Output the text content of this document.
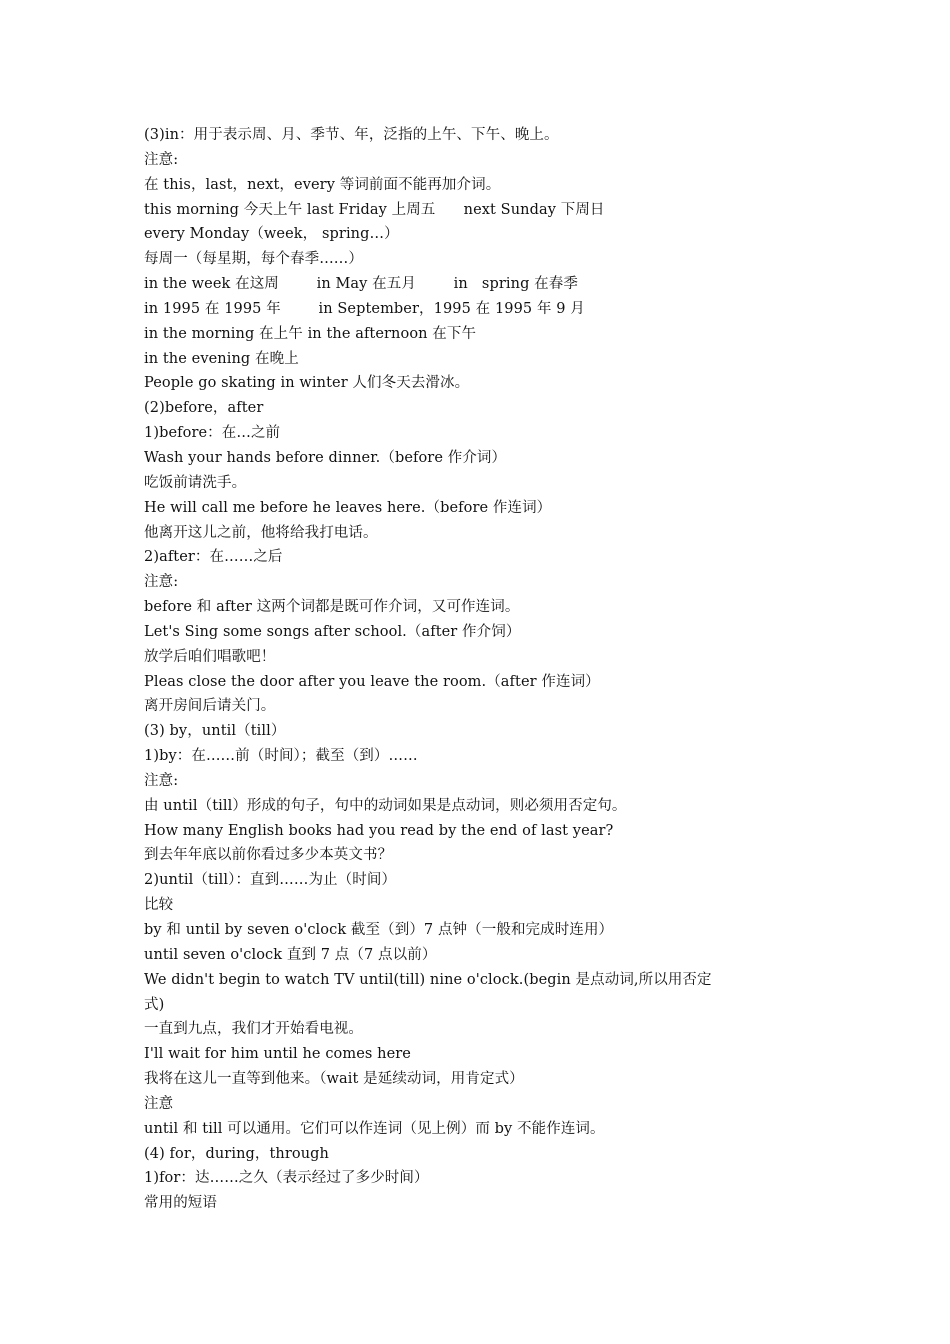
(3)in：用于表示周、月、季节、年，泛指的上午、下午、晚上。
注意:
在 this，last，next，every 等词前面不能再加介词。
this morning 今天上午 last Friday 上周五      next Sunday 下周日
every Monday（week， spring…）
每周一（每星期，每个春季……）
in the week 在这周        in May 在五月        in   spring 在春季
in 1995 在 1995 年        in September，1995 在 1995 年 9 月
in the morning 在上午 in the afternoon 在下午
in the evening 在晚上
People go skating in winter 人们冬天去滑冰。
(2)before，after
1)before：在…之前
Wash your hands before dinner.（before 作介词）
吃饭前请洗手。
He will call me before he leaves here.（before 作连词）
他离开这儿之前，他将给我打电话。
2)after：在……之后
注意:
before 和 after 这两个词都是既可作介词，又可作连词。
Let's Sing some songs after school.（after 作介饲）
放学后咱们唱歌吧！
Pleas close the door after you leave the room.（after 作连词）
离开房间后请关门。
(3) by，until（till）
1)by：在……前（时间）；截至（到）……
注意:
由 until（till）形成的句子，句中的动词如果是点动词，则必须用否定句。
How many English books had you read by the end of last year?
到去年年底以前你看过多少本英文书？
2)until（till）：直到……为止（时间）
比较
by 和 until by seven o'clock 截至（到）7 点钟（一般和完成时连用）
until seven o'clock 直到 7 点（7 点以前）
We didn't begin to watch TV until(till) nine o'clock.(begin 是点动词,所以用否定
式)
一直到九点，我们才开始看电视。
I'll wait for him until he comes here
我将在这儿一直等到他来。（wait 是延续动词，用肯定式）
注意
until 和 till 可以通用。它们可以作连词（见上例）而 by 不能作连词。
(4) for，during，through
1)for：达……之久（表示经过了多少时间）
常用的短语
